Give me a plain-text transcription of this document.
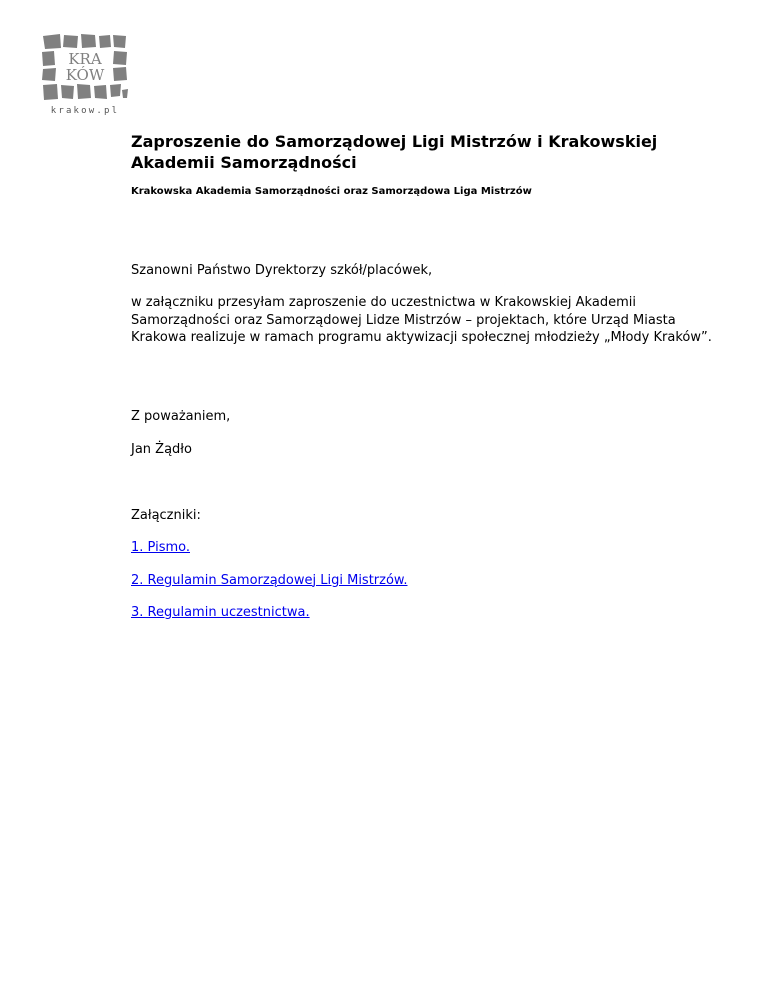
KRA
KÓW
krakow.pl
Zaproszenie do Samorządowej Ligi Mistrzów i Krakowskiej Akademii Samorządności

Krakowska Akademia Samorządności oraz Samorządowa Liga Mistrzów

Szanowni Państwo Dyrektorzy szkół/placówek,

w załączniku przesyłam zaproszenie do uczestnictwa w Krakowskiej Akademii Samorządności oraz Samorządowej Lidze Mistrzów – projektach, które Urząd Miasta Krakowa realizuje w ramach programu aktywizacji społecznej młodzieży „Młody Kraków”.

Z poważaniem,

Jan Żądło

Załączniki:

1. Pismo.
2. Regulamin Samorządowej Ligi Mistrzów.
3. Regulamin uczestnictwa.
